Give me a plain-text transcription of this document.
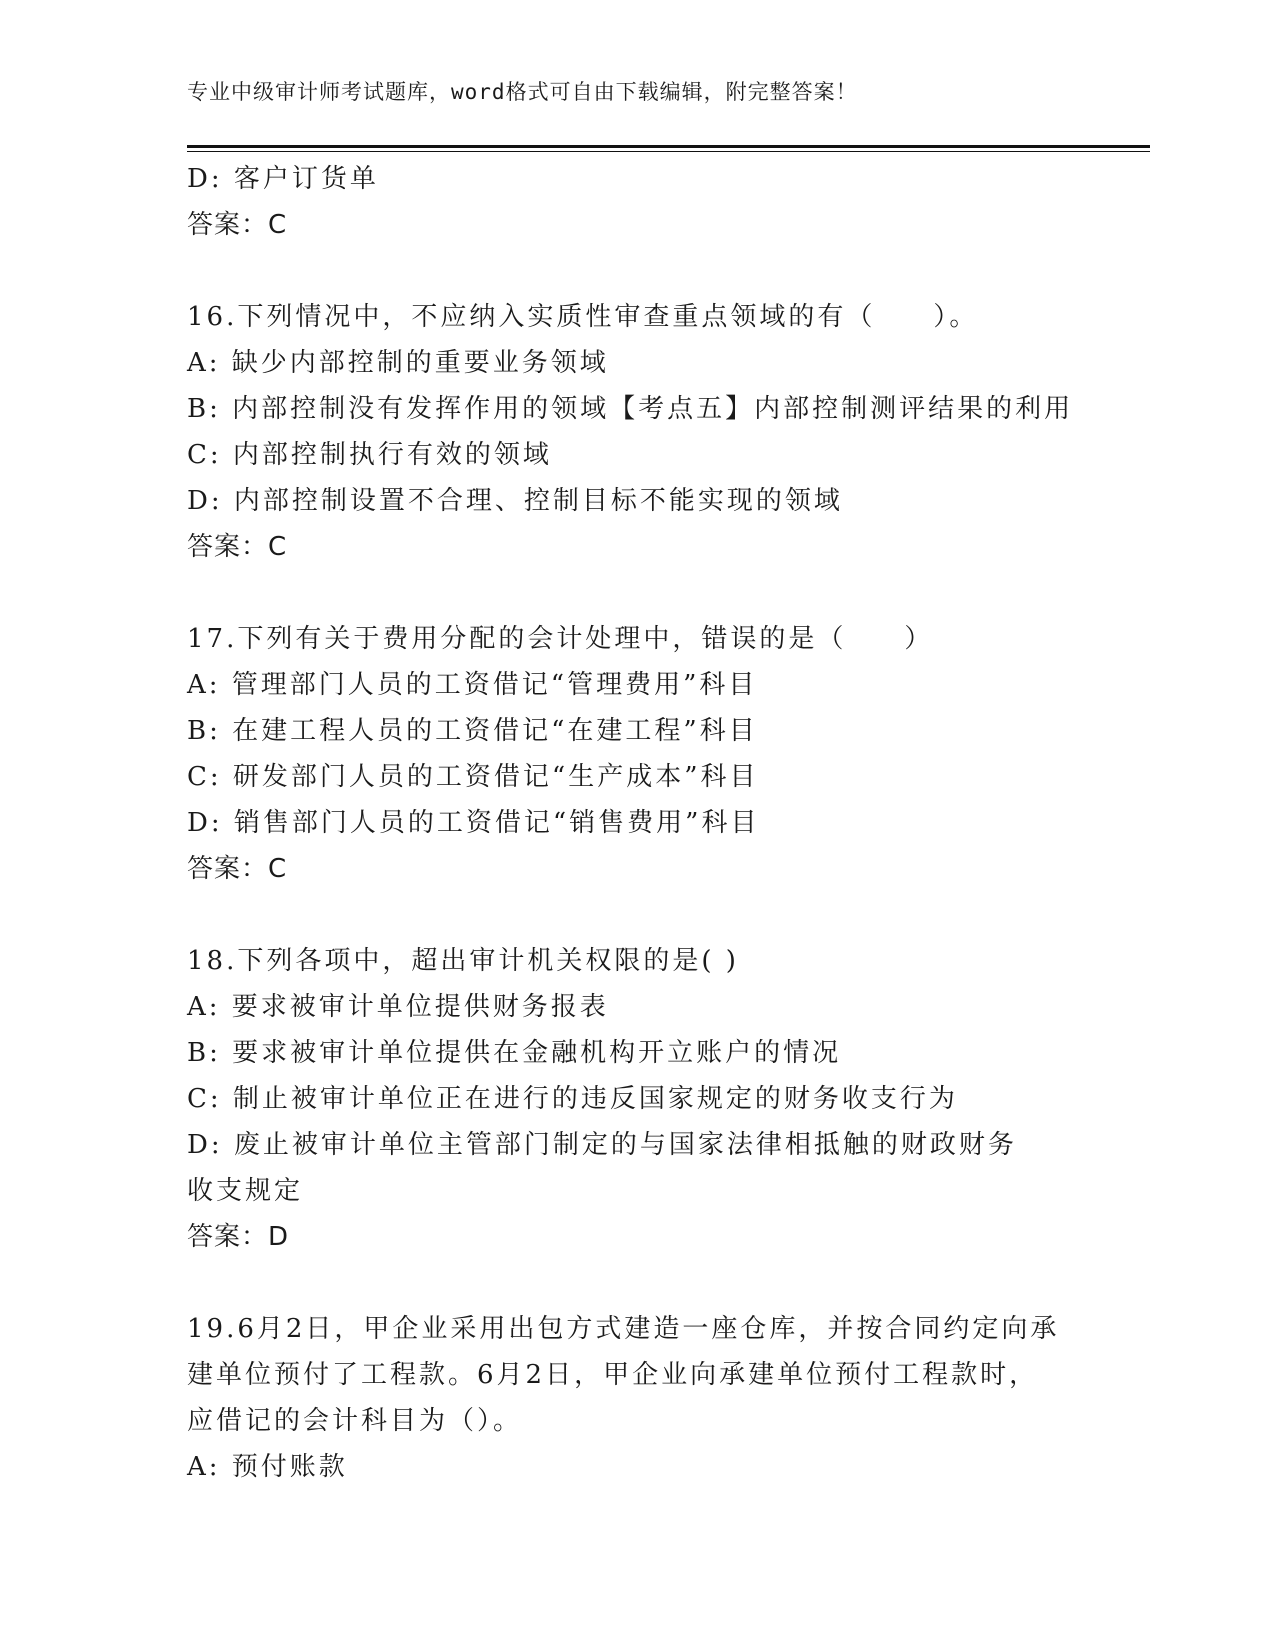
专业中级审计师考试题库，word格式可自由下载编辑，附完整答案！
D: 客户订货单
答案：C
16.下列情况中，不应纳入实质性审查重点领域的有（　　）。
A: 缺少内部控制的重要业务领域
B: 内部控制没有发挥作用的领域【考点五】内部控制测评结果的利用
C: 内部控制执行有效的领域
D: 内部控制设置不合理、控制目标不能实现的领域
答案：C
17.下列有关于费用分配的会计处理中，错误的是（　　）
A: 管理部门人员的工资借记“管理费用”科目
B: 在建工程人员的工资借记“在建工程”科目
C: 研发部门人员的工资借记“生产成本”科目
D: 销售部门人员的工资借记“销售费用”科目
答案：C
18.下列各项中，超出审计机关权限的是( )
A: 要求被审计单位提供财务报表
B: 要求被审计单位提供在金融机构开立账户的情况
C: 制止被审计单位正在进行的违反国家规定的财务收支行为
D: 废止被审计单位主管部门制定的与国家法律相抵触的财政财务收支规定
答案：D
19.6月2日，甲企业采用出包方式建造一座仓库，并按合同约定向承建单位预付了工程款。6月2日，甲企业向承建单位预付工程款时，应借记的会计科目为（）。
A: 预付账款
